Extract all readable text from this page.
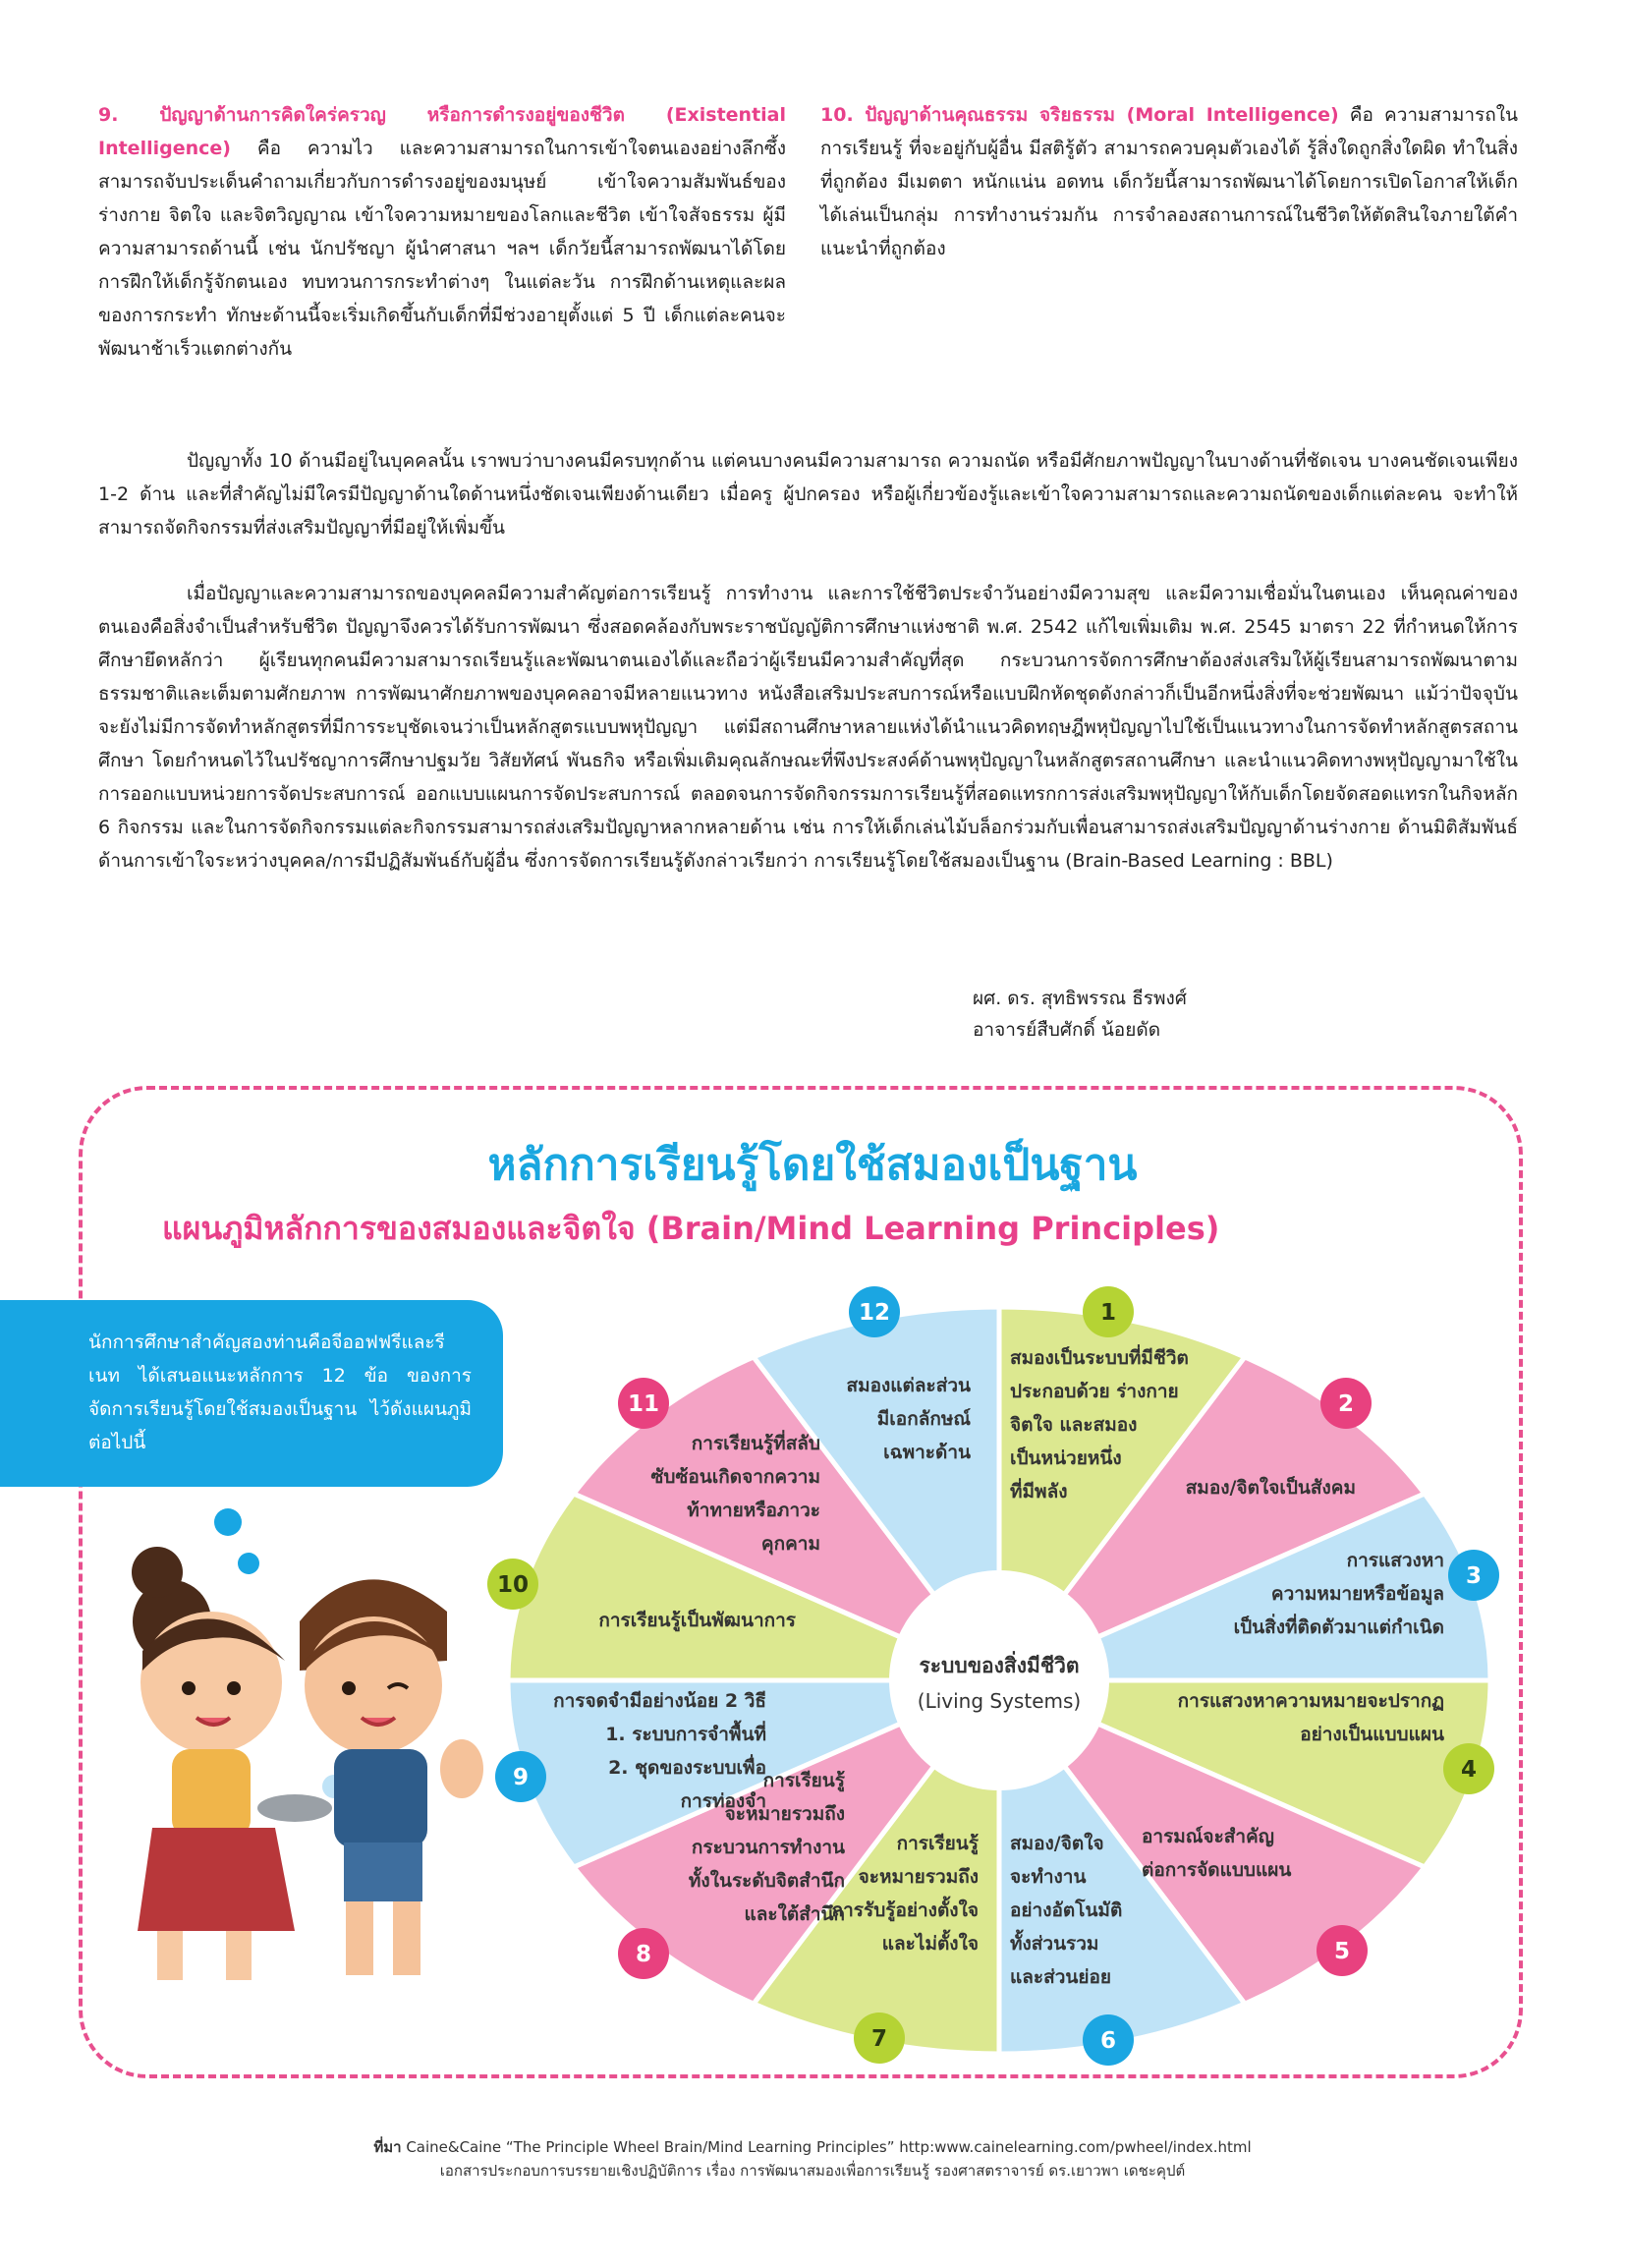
9. ปัญญาด้านการคิดใคร่ครวญ หรือการดำรงอยู่ของชีวิต (Existential Intelligence) คือ ความไว และความสามารถในการเข้าใจตนเองอย่างลึกซึ้ง สามารถจับประเด็นคำถามเกี่ยวกับการดำรงอยู่ของมนุษย์ เข้าใจความสัมพันธ์ของร่างกาย จิตใจ และจิตวิญญาณ เข้าใจความหมายของโลกและชีวิต เข้าใจสัจธรรม ผู้มีความสามารถด้านนี้ เช่น นักปรัชญา ผู้นำศาสนา ฯลฯ เด็กวัยนี้สามารถพัฒนาได้โดยการฝึกให้เด็กรู้จักตนเอง ทบทวนการกระทำต่างๆ ในแต่ละวัน การฝึกด้านเหตุและผลของการกระทำ ทักษะด้านนี้จะเริ่มเกิดขึ้นกับเด็กที่มีช่วงอายุตั้งแต่ 5 ปี เด็กแต่ละคนจะพัฒนาช้าเร็วแตกต่างกัน

10. ปัญญาด้านคุณธรรม จริยธรรม (Moral Intelligence) คือ ความสามารถในการเรียนรู้ ที่จะอยู่กับผู้อื่น มีสติรู้ตัว สามารถควบคุมตัวเองได้ รู้สิ่งใดถูกสิ่งใดผิด ทำในสิ่งที่ถูกต้อง มีเมตตา หนักแน่น อดทน เด็กวัยนี้สามารถพัฒนาได้โดยการเปิดโอกาสให้เด็กได้เล่นเป็นกลุ่ม การทำงานร่วมกัน การจำลองสถานการณ์ในชีวิตให้ตัดสินใจภายใต้คำแนะนำที่ถูกต้อง

ปัญญาทั้ง 10 ด้านมีอยู่ในบุคคลนั้น เราพบว่าบางคนมีครบทุกด้าน แต่คนบางคนมีความสามารถ ความถนัด หรือมีศักยภาพปัญญาในบางด้านที่ชัดเจน บางคนชัดเจนเพียง 1-2 ด้าน และที่สำคัญไม่มีใครมีปัญญาด้านใดด้านหนึ่งชัดเจนเพียงด้านเดียว เมื่อครู ผู้ปกครอง หรือผู้เกี่ยวข้องรู้และเข้าใจความสามารถและความถนัดของเด็กแต่ละคน จะทำให้สามารถจัดกิจกรรมที่ส่งเสริมปัญญาที่มีอยู่ให้เพิ่มขึ้น

เมื่อปัญญาและความสามารถของบุคคลมีความสำคัญต่อการเรียนรู้ การทำงาน และการใช้ชีวิตประจำวันอย่างมีความสุข และมีความเชื่อมั่นในตนเอง เห็นคุณค่าของตนเองคือสิ่งจำเป็นสำหรับชีวิต ปัญญาจึงควรได้รับการพัฒนา ซึ่งสอดคล้องกับพระราชบัญญัติการศึกษาแห่งชาติ พ.ศ. 2542 แก้ไขเพิ่มเติม พ.ศ. 2545 มาตรา 22 ที่กำหนดให้การศึกษายึดหลักว่า ผู้เรียนทุกคนมีความสามารถเรียนรู้และพัฒนาตนเองได้และถือว่าผู้เรียนมีความสำคัญที่สุด กระบวนการจัดการศึกษาต้องส่งเสริมให้ผู้เรียนสามารถพัฒนาตามธรรมชาติและเต็มตามศักยภาพ การพัฒนาศักยภาพของบุคคลอาจมีหลายแนวทาง หนังสือเสริมประสบการณ์หรือแบบฝึกหัดชุดดังกล่าวก็เป็นอีกหนึ่งสิ่งที่จะช่วยพัฒนา แม้ว่าปัจจุบันจะยังไม่มีการจัดทำหลักสูตรที่มีการระบุชัดเจนว่าเป็นหลักสูตรแบบพหุปัญญา แต่มีสถานศึกษาหลายแห่งได้นำแนวคิดทฤษฎีพหุปัญญาไปใช้เป็นแนวทางในการจัดทำหลักสูตรสถานศึกษา โดยกำหนดไว้ในปรัชญาการศึกษาปฐมวัย วิสัยทัศน์ พันธกิจ หรือเพิ่มเติมคุณลักษณะที่พึงประสงค์ด้านพหุปัญญาในหลักสูตรสถานศึกษา และนำแนวคิดทางพหุปัญญามาใช้ในการออกแบบหน่วยการจัดประสบการณ์ ออกแบบแผนการจัดประสบการณ์ ตลอดจนการจัดกิจกรรมการเรียนรู้ที่สอดแทรกการส่งเสริมพหุปัญญาให้กับเด็กโดยจัดสอดแทรกในกิจหลัก 6 กิจกรรม และในการจัดกิจกรรมแต่ละกิจกรรมสามารถส่งเสริมปัญญาหลากหลายด้าน เช่น การให้เด็กเล่นไม้บล็อกร่วมกับเพื่อนสามารถส่งเสริมปัญญาด้านร่างกาย ด้านมิติสัมพันธ์ ด้านการเข้าใจระหว่างบุคคล/การมีปฏิสัมพันธ์กับผู้อื่น ซึ่งการจัดการเรียนรู้ดังกล่าวเรียกว่า การเรียนรู้โดยใช้สมองเป็นฐาน (Brain-Based Learning : BBL)

ผศ. ดร. สุทธิพรรณ ธีรพงศ์
อาจารย์สืบศักดิ์ น้อยดัด
หลักการเรียนรู้โดยใช้สมองเป็นฐาน
แผนภูมิหลักการของสมองและจิตใจ (Brain/Mind Learning Principles)

นักการศึกษาสำคัญสองท่านคือจีออฟฟรีและรีเนท ได้เสนอแนะหลักการ 12 ข้อ ของการจัดการเรียนรู้โดยใช้สมองเป็นฐาน ไว้ดังแผนภูมิต่อไปนี้

ระบบของสิ่งมีชีวิต
(Living Systems)
1
2
3
4
5
6
7
8
9
10
11
12
สมองเป็นระบบที่มีชีวิตประกอบด้วย ร่างกายจิตใจ และสมองเป็นหน่วยหนึ่งที่มีพลัง	สมอง/จิตใจเป็นสังคม
การแสวงหาความหมายหรือข้อมูลเป็นสิ่งที่ติดตัวมาแต่กำเนิด
การแสวงหาความหมายจะปรากฏอย่างเป็นแบบแผน
อารมณ์จะสำคัญต่อการจัดแบบแผน
สมอง/จิตใจจะทำงานอย่างอัตโนมัติทั้งส่วนรวมและส่วนย่อย
การเรียนรู้จะหมายรวมถึงการรับรู้อย่างตั้งใจและไม่ตั้งใจ
การเรียนรู้จะหมายรวมถึงกระบวนการทำงานทั้งในระดับจิตสำนึกและใต้สำนึก
การจดจำมีอย่างน้อย 2 วิธี 1. ระบบการจำพื้นที่ 2. ชุดของระบบเพื่อการท่องจำ
การเรียนรู้เป็นพัฒนาการ
การเรียนรู้ที่สลับซับซ้อนเกิดจากความท้าทายหรือภาวะคุกคาม
สมองแต่ละส่วนมีเอกลักษณ์เฉพาะด้าน
ที่มา Caine&Caine “The Principle Wheel Brain/Mind Learning Principles” http:www.cainelearning.com/pwheel/index.html
เอกสารประกอบการบรรยายเชิงปฏิบัติการ เรื่อง การพัฒนาสมองเพื่อการเรียนรู้ รองศาสตราจารย์ ดร.เยาวพา เดชะคุปต์
